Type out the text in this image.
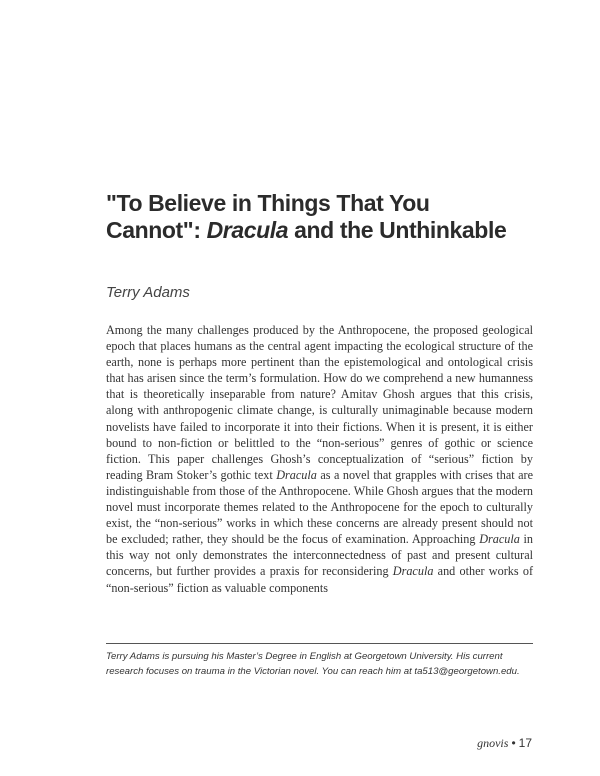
"To Believe in Things That You Cannot": Dracula and the Unthinkable
Terry Adams

Among the many challenges produced by the Anthropocene, the proposed geological epoch that places humans as the central agent impacting the ecological structure of the earth, none is perhaps more pertinent than the epistemological and ontological crisis that has arisen since the term’s formulation. How do we comprehend a new humanness that is theoretically inseparable from nature? Amitav Ghosh argues that this crisis, along with anthropogenic climate change, is culturally unimaginable because modern novelists have failed to incorporate it into their fictions. When it is present, it is either bound to non-fiction or belittled to the “non-serious” genres of gothic or science fiction. This paper challenges Ghosh’s conceptualization of “serious” fiction by reading Bram Stoker’s gothic text Dracula as a novel that grapples with crises that are indistinguishable from those of the Anthropocene. While Ghosh argues that the modern novel must incorporate themes related to the Anthropocene for the epoch to culturally exist, the “non-serious” works in which these concerns are already present should not be excluded; rather, they should be the focus of examination. Approaching Dracula in this way not only demonstrates the interconnectedness of past and present cultural concerns, but further provides a praxis for reconsidering Dracula and other works of “non-serious” fiction as valuable components

Terry Adams is pursuing his Master’s Degree in English at Georgetown University. His current research focuses on trauma in the Victorian novel. You can reach him at ta513@georgetown.edu.

gnovis • 17
